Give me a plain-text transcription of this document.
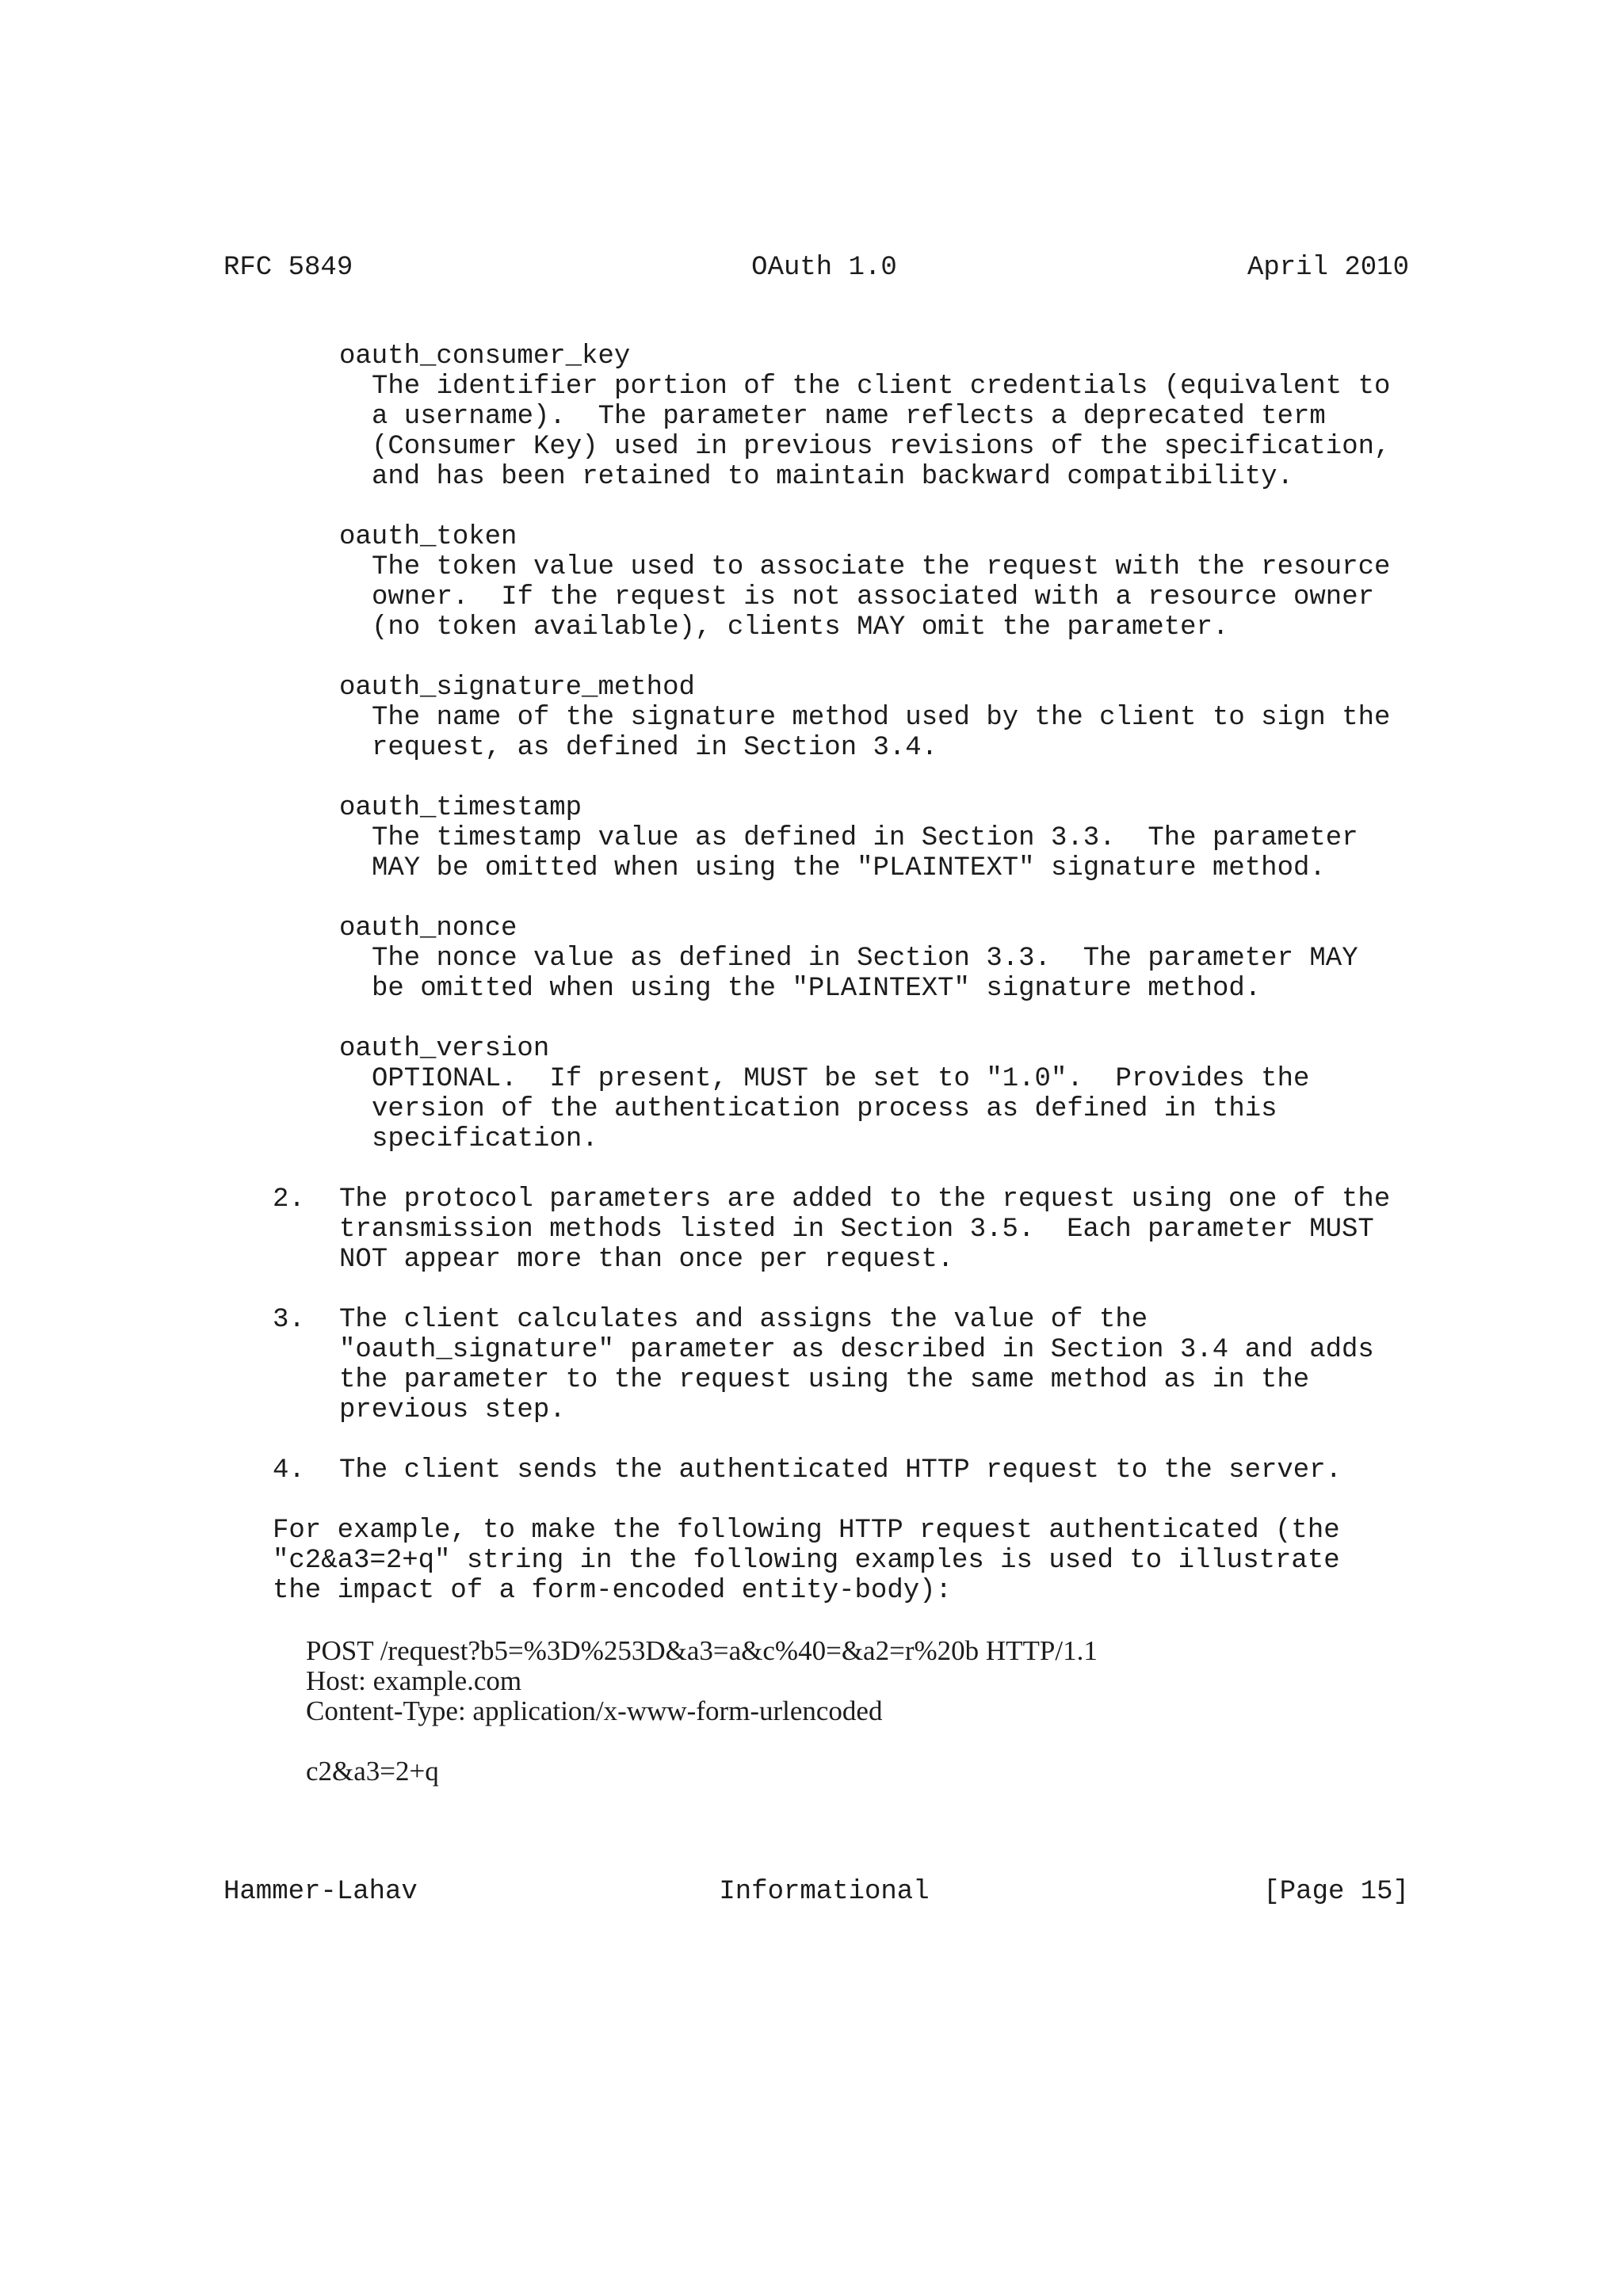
RFC 5849	OAuth 1.0	April 2010
oauth_consumer_key
The identifier portion of the client credentials (equivalent to
a username).  The parameter name reflects a deprecated term
(Consumer Key) used in previous revisions of the specification,
and has been retained to maintain backward compatibility.
oauth_token
The token value used to associate the request with the resource
owner.  If the request is not associated with a resource owner
(no token available), clients MAY omit the parameter.
oauth_signature_method
The name of the signature method used by the client to sign the
request, as defined in Section 3.4.
oauth_timestamp
The timestamp value as defined in Section 3.3.  The parameter
MAY be omitted when using the "PLAINTEXT" signature method.
oauth_nonce
The nonce value as defined in Section 3.3.  The parameter MAY
be omitted when using the "PLAINTEXT" signature method.
oauth_version
OPTIONAL.  If present, MUST be set to "1.0".  Provides the
version of the authentication process as defined in this
specification.
2. The protocol parameters are added to the request using one of the
transmission methods listed in Section 3.5.  Each parameter MUST
NOT appear more than once per request.
3. The client calculates and assigns the value of the
"oauth_signature" parameter as described in Section 3.4 and adds
the parameter to the request using the same method as in the
previous step.
4. The client sends the authenticated HTTP request to the server.
For example, to make the following HTTP request authenticated (the
"c2&a3=2+q" string in the following examples is used to illustrate
the impact of a form-encoded entity-body):
POST /request?b5=%3D%253D&a3=a&c%40=&a2=r%20b HTTP/1.1
Host: example.com
Content-Type: application/x-www-form-urlencoded
c2&a3=2+q
Hammer-Lahav	Informational	[Page 15]
